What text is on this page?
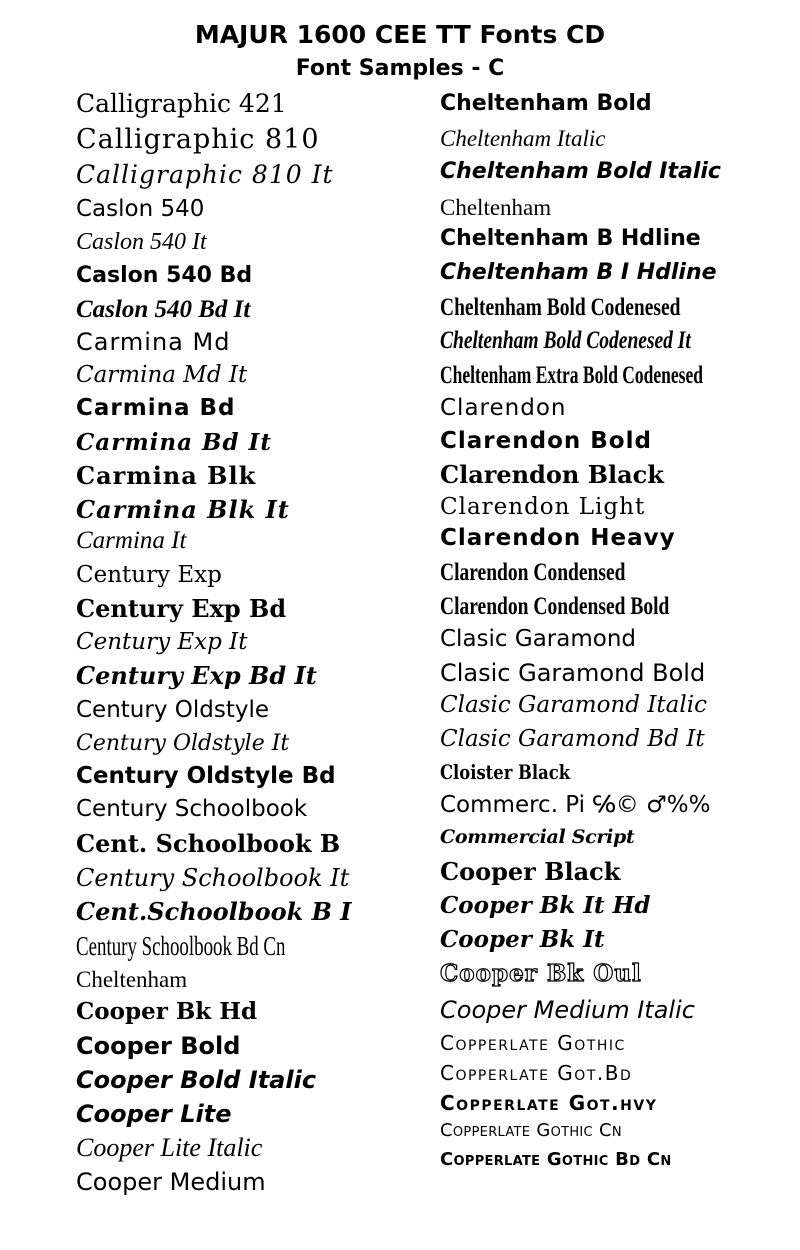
MAJUR 1600 CEE TT Fonts CD
Font Samples - C
Calligraphic 421
Calligraphic 810
Calligraphic 810 It
Caslon 540
Caslon 540 It
Caslon 540 Bd
Caslon 540 Bd It
Carmina Md
Carmina Md It
Carmina Bd
Carmina Bd It
Carmina Blk
Carmina Blk It
Carmina It
Century Exp
Century Exp Bd
Century Exp It
Century Exp Bd It
Century Oldstyle
Century Oldstyle It
Century Oldstyle Bd
Century Schoolbook
Cent. Schoolbook B
Century Schoolbook It
Cent.Schoolbook B I
Century Schoolbook Bd Cn
Cheltenham
Cooper Bk Hd
Cooper Bold
Cooper Bold Italic
Cooper Lite
Cooper Lite Italic
Cooper Medium
Cheltenham Bold
Cheltenham Italic
Cheltenham Bold Italic
Cheltenham
Cheltenham B Hdline
Cheltenham B I Hdline
Cheltenham Bold Codenesed
Cheltenham Bold Codenesed It
Cheltenham Extra Bold Codenesed
Clarendon
Clarendon Bold
Clarendon Black
Clarendon Light
Clarendon Heavy
Clarendon Condensed
Clarendon Condensed Bold
Clasic Garamond
Clasic Garamond Bold
Clasic Garamond Italic
Clasic Garamond Bd It
Cloister Black
Commerc. Pi ℅© ♂%%
Commercial Script
Cooper Black
Cooper Bk It Hd
Cooper Bk It
Cooper Bk Oul
Cooper Medium Italic
Copperlate Gothic
Copperlate Got.Bd
Copperlate Got.hvy
Copperlate Gothic Cn
Copperlate Gothic Bd Cn
